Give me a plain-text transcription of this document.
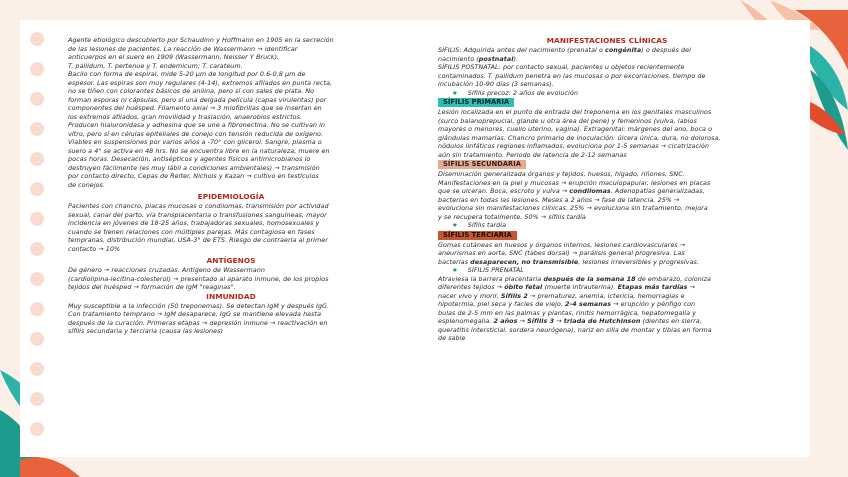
Agente etiológico descubierto por Schaudinn y Hoffmann en 1905 en la secreción

de las lesiones de pacientes. La reacción de Wassermann → identificar

anticuerpos en el suero en 1909 (Wassermann, Neisser Y Bruck).

T. pallidum, T. pertenue y T. endemicum; T. carateum.

Bacilo con forma de espiral, mide 5-20 µm de longitud por 0.6-0.8 µm de

espesor. Las espiras son muy regulares (4-14), extremos afilados en punta recta,

no se tiñen con colorantes básicos de anilina, pero sí con sales de plata. No

forman esporas ni cápsulas, pero sí una delgada película (capas virulentas) por

componentes del huésped. Filamento axial → 3 miofibrillas que se insertan en

los extremos afilados, gran movilidad y traslación, anaerobios estrictos.

Producen hialuronidasa y adhesina que se une a fibronectina. No se cultivan in

vitro, pero sí en células epiteliales de conejo con tensión reducida de oxígeno.

Viables en suspensiones por varios años a -70° con glicerol. Sangre, plasma o

suero a 4° se activa en 48 hrs. No se encuentra libre en la naturaleza, muere en

pocas horas. Desecación, antisépticos y agentes físicos antimicrobianos lo

destruyen fácilmente (es muy lábil a condiciones ambientales) → transmisión

por contacto directo. Cepas de Reiter, Nichols y Kazan → cultivo en testículos

de conejos.

EPIDEMIOLOGÍA

Pacientes con chancro, placas mucosas o condilomas, transmisión por actividad

sexual, canal del parto, vía transplacentaria o transfusiones sanguíneas, mayor

incidencia en jóvenes de 18-25 años, trabajadoras sexuales, homosexuales y

cuando se tienen relaciones con múltiples parejas. Más contagiosa en fases

tempranas, distribución mundial, USA-3° de ETS. Riesgo de contraerla al primer

contacto → 10%

ANTÍGENOS

De género → reacciones cruzadas. Antígeno de Wassermann

(cardiolipina-lecitina-colesterol) → presentado al aparato inmune, de los propios

tejidos del huésped → formación de IgM "reaginas".

INMUNIDAD

Muy susceptible a la infección (50 treponemas). Se detectan IgM y después IgG.

Con tratamiento temprano → IgM desaparece, IgG se mantiene elevada hasta

después de la curación. Primeras etapas → depresión inmune → reactivación en

sífilis secundaria y terciaria (causa las lesiones)

MANIFESTACIONES CLÍNICAS

SÍFILIS: Adquirida antes del nacimiento (prenatal o congénita) o después del

nacimiento (postnatal).

SÍFILIS POSTNATAL: por contacto sexual, pacientes u objetos recientemente

contaminados. T. pallidum penetra en las mucosas o por excoriaciones, tiempo de

incubación 10-90 días (3 semanas).

★ Sífilis precoz: 2 años de evolución

SÍFILIS PRIMARIA

Lesión localizada en el punto de entrada del treponema en los genitales masculinos

(surco balanoprepucial, glande u otra área del pene) y femeninos (vulva, labios

mayores o menores, cuello uterino, vagina). Extragenital: márgenes del ano, boca o

glándulas mamarias. Chancro primario de inoculación: úlcera única, dura, no dolorosa,

nódulos linfáticos regiones inflamados, evoluciona por 1-5 semanas → cicatrización

aún sin tratamiento. Periodo de latencia de 2-12 semanas

SÍFILIS SECUNDARIA

Diseminación generalizada órganos y tejidos, huesos, hígado, riñones, SNC.

Manifestaciones en la piel y mucosas → erupción maculopapular, lesiones en placas

que se ulceran. Boca, escroto y vulva → condilomas. Adenopatías generalizadas,

bacterias en todas las lesiones. Meses a 2 años → fase de latencia. 25% →

evoluciona sin manifestaciones clínicas. 25% → evoluciona sin tratamiento, mejora

y se recupera totalmente. 50% → sífilis tardía

★ Sífilis tardía

SÍFILIS TERCIARIA

Gomas cutáneas en huesos y órganos internos, lesiones cardiovasculares →

aneurismas en aorta, SNC (tabes dorsal) → parálisis general progresiva. Las

bacterias desaparecen, no transmisible, lesiones irreversibles y progresivas.

★ SÍFILIS PRENATAL

Atraviesa la barrera placentaria después de la semana 18 de embarazo, coloniza

diferentes tejidos → óbito fetal (muerte intrauterina). Etapas más tardías →

nacer vivo y morir, Sífilis 2 → prematurez, anemia, ictericia, hemorragias e

hipotermia, piel seca y facies de viejo. 2-4 semanas → erupción y pénfigo con

bulas de 2-5 mm en las palmas y plantas, rinitis hemorrágica, hepatomegalia y

esplenomegalia. 2 años → Sífilis 3 → triada de Hutchinson (dientes en sierra,

queratitis intersticial, sordera neurógena), nariz en silla de montar y tibias en forma

de sable
